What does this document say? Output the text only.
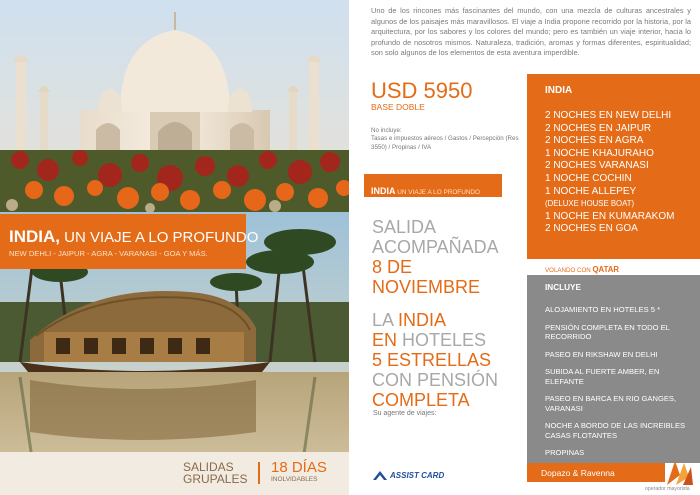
INDIA, UN VIAJE A LO PROFUNDO
NEW DEHLI - JAIPUR - AGRA - VARANASI - GOA Y MÁS.
SALIDAS GRUPALES
18 DÍAS
INOLVIDABLES

Uno de los rincones más fascinantes del mundo, con una mezcla de culturas ancestrales y algunos de los paisajes más maravillosos. El viaje a India propone recorrido por la historia, por la arquitectura, por los sabores y los colores del mundo; pero es también un viaje interior, hacia lo profundo de nosotros mismos. Naturaleza, tradición, aromas y formas diferentes, espiritualidad; son solo algunos de los elementos de esta aventura imperdible.

USD 5950
BASE DOBLE
No incluye:
Tasas e impuestos aéreos / Gastos / Percepción (Res 3550) / Propinas / IVA
INDIA UN VIAJE A LO PROFUNDO
SALIDA
ACOMPAÑADA
8 DE
NOVIEMBRE
LA INDIA
EN HOTELES
5 ESTRELLAS
CON PENSIÓN
COMPLETA
Su agente de viajes:
ASSIST CARD
INDIA
2 NOCHES EN NEW DELHI
2 NOCHES EN JAIPUR
2 NOCHES EN AGRA
1 NOCHE KHAJURAHO
2 NOCHES VARANASI
1 NOCHE COCHIN
1 NOCHE ALLEPEY
(DELUXE HOUSE BOAT)
1 NOCHE EN KUMARAKOM
2 NOCHES EN GOA
VOLANDO CON QATAR
INCLUYE
ALOJAMIENTO EN HOTELES 5 *
PENSIÓN COMPLETA EN TODO EL RECORRIDO
PASEO EN RIKSHAW EN DELHI
SUBIDA AL FUERTE AMBER, EN ELEFANTE
PASEO EN BARCA EN RIO GANGES, VARANASI
NOCHE A BORDO DE LAS INCREIBLES CASAS FLOTANTES
PROPINAS
Dopazo & Ravenna
operador mayorista
